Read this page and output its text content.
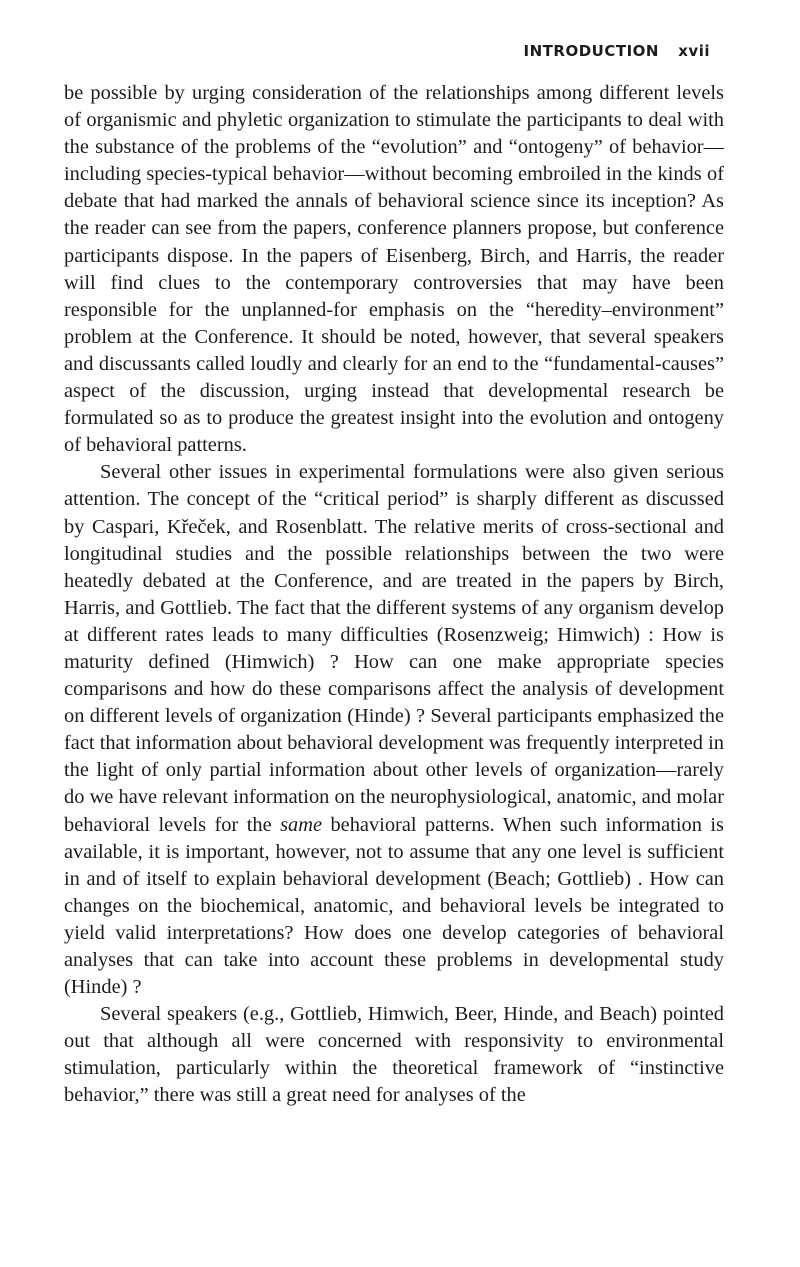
INTRODUCTION xvii

be possible by urging consideration of the relationships among different levels of organismic and phyletic organization to stimulate the participants to deal with the substance of the problems of the “evolution” and “ontogeny” of behavior—including species-typical behavior—without becoming embroiled in the kinds of debate that had marked the annals of behavioral science since its inception? As the reader can see from the papers, conference planners propose, but conference participants dispose. In the papers of Eisenberg, Birch, and Harris, the reader will find clues to the contemporary controversies that may have been responsible for the unplanned-for emphasis on the “heredity–environment” problem at the Conference. It should be noted, however, that several speakers and discussants called loudly and clearly for an end to the “fundamental-causes” aspect of the discussion, urging instead that developmental research be formulated so as to produce the greatest insight into the evolution and ontogeny of behavioral patterns.

Several other issues in experimental formulations were also given serious attention. The concept of the “critical period” is sharply different as discussed by Caspari, Křeček, and Rosenblatt. The relative merits of cross-sectional and longitudinal studies and the possible relationships between the two were heatedly debated at the Conference, and are treated in the papers by Birch, Harris, and Gottlieb. The fact that the different systems of any organism develop at different rates leads to many difficulties (Rosenzweig; Himwich) : How is maturity defined (Himwich) ? How can one make appropriate species comparisons and how do these comparisons affect the analysis of development on different levels of organization (Hinde) ? Several participants emphasized the fact that information about behavioral development was frequently interpreted in the light of only partial information about other levels of organization—rarely do we have relevant information on the neurophysiological, anatomic, and molar behavioral levels for the same behavioral patterns. When such information is available, it is important, however, not to assume that any one level is sufficient in and of itself to explain behavioral development (Beach; Gottlieb) . How can changes on the biochemical, anatomic, and behavioral levels be integrated to yield valid interpretations? How does one develop categories of behavioral analyses that can take into account these problems in developmental study (Hinde) ?

Several speakers (e.g., Gottlieb, Himwich, Beer, Hinde, and Beach) pointed out that although all were concerned with responsivity to environmental stimulation, particularly within the theoretical framework of “instinctive behavior,” there was still a great need for analyses of the
